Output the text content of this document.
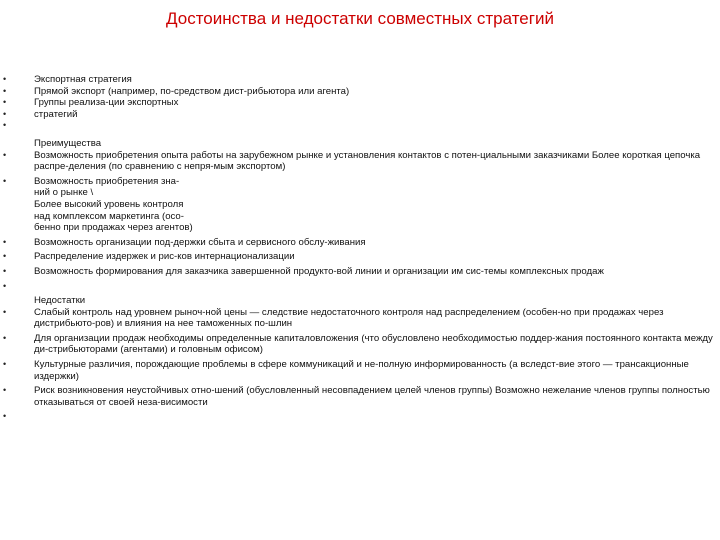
Достоинства и недостатки совместных стратегий
•	Экспортная стратегия
•	Прямой экспорт (например, по-средством дист-рибьютора или агента)
•	Группы реализа-ции экспортных
•	стратегий
•
•
Преимущества
Возможность приобретения опыта работы на зарубежном рынке и установления контактов с потен-циальными заказчиками Более короткая цепочка распре-деления (по сравнению с непря-мым экспортом)
•	Возможность приобретения зна-
ний о рынке \
Более высокий уровень контроля
над комплексом маркетинга (осо-
бенно при продажах через агентов)
•	Возможность организации под-держки сбыта и сервисного обслу-живания
•	Распределение издержек и рис-ков интернационализации
•	Возможность формирования для заказчика завершенной продукто-вой линии и организации им сис-темы комплексных продаж
•
•
Недостатки
Слабый контроль над уровнем рыноч-ной цены — следствие недостаточного контроля над распределением (особен-но при продажах через дистрибьюто-ров) и влияния на нее таможенных по-шлин
•	Для организации продаж необходимы определенные капиталовложения (что обусловлено необходимостью поддер-жания постоянного контакта между ди-стрибьюторами (агентами) и головным офисом)
•	Культурные различия, порождающие проблемы в сфере коммуникаций и не-полную информированность (а вследст-вие этого — трансакционные издержки)
•	Риск возникновения неустойчивых отно-шений (обусловленный несовпадением целей членов группы) Возможно нежелание членов группы полностью отказываться от своей неза-висимости
•
